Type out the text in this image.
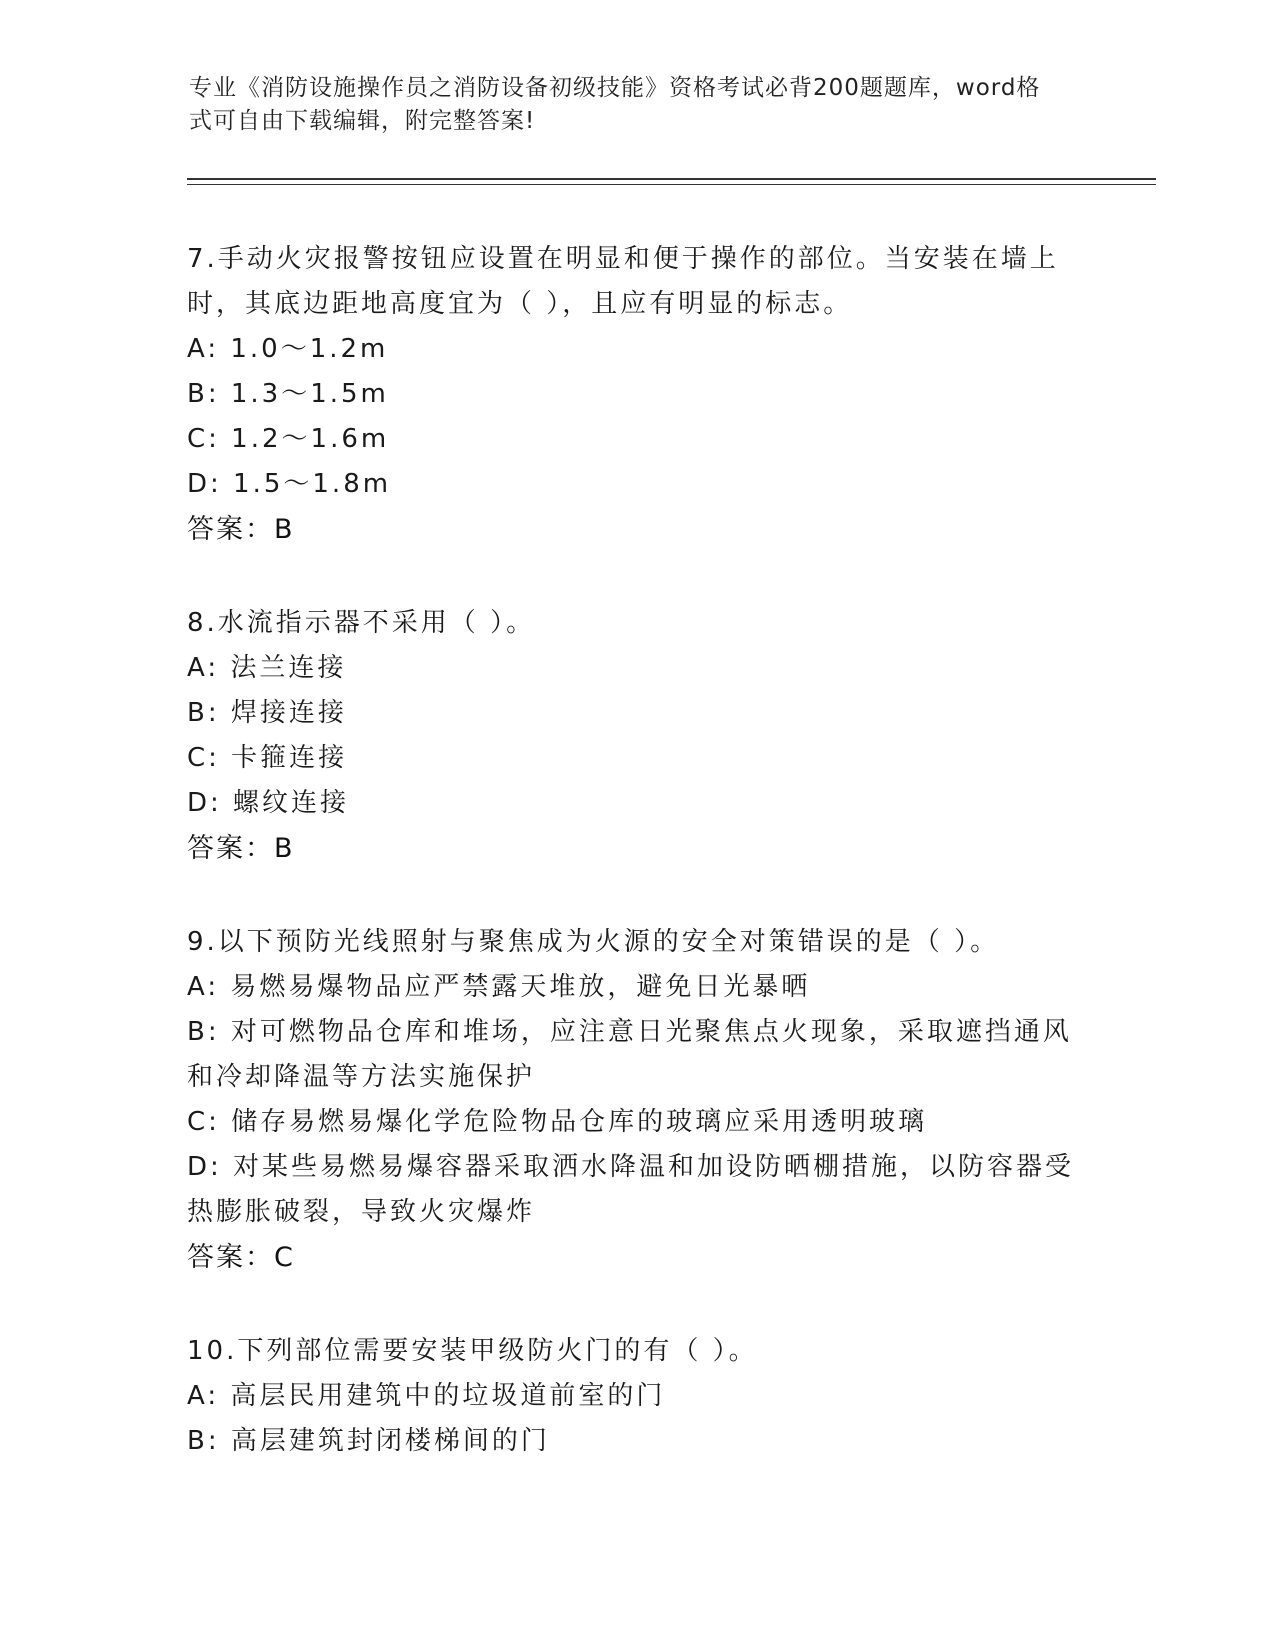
专业《消防设施操作员之消防设备初级技能》资格考试必背200题题库，word格
式可自由下载编辑，附完整答案!
7.手动火灾报警按钮应设置在明显和便于操作的部位。当安装在墙上
时，其底边距地高度宜为（ ），且应有明显的标志。
A: 1.0～1.2m
B: 1.3～1.5m
C: 1.2～1.6m
D: 1.5～1.8m
答案：B
8.水流指示器不采用（ ）。
A: 法兰连接
B: 焊接连接
C: 卡箍连接
D: 螺纹连接
答案：B
9.以下预防光线照射与聚焦成为火源的安全对策错误的是（ ）。
A: 易燃易爆物品应严禁露天堆放，避免日光暴晒
B: 对可燃物品仓库和堆场，应注意日光聚焦点火现象，采取遮挡通风
和冷却降温等方法实施保护
C: 储存易燃易爆化学危险物品仓库的玻璃应采用透明玻璃
D: 对某些易燃易爆容器采取洒水降温和加设防晒棚措施，以防容器受
热膨胀破裂，导致火灾爆炸
答案：C
10.下列部位需要安装甲级防火门的有（ ）。
A: 高层民用建筑中的垃圾道前室的门
B: 高层建筑封闭楼梯间的门
